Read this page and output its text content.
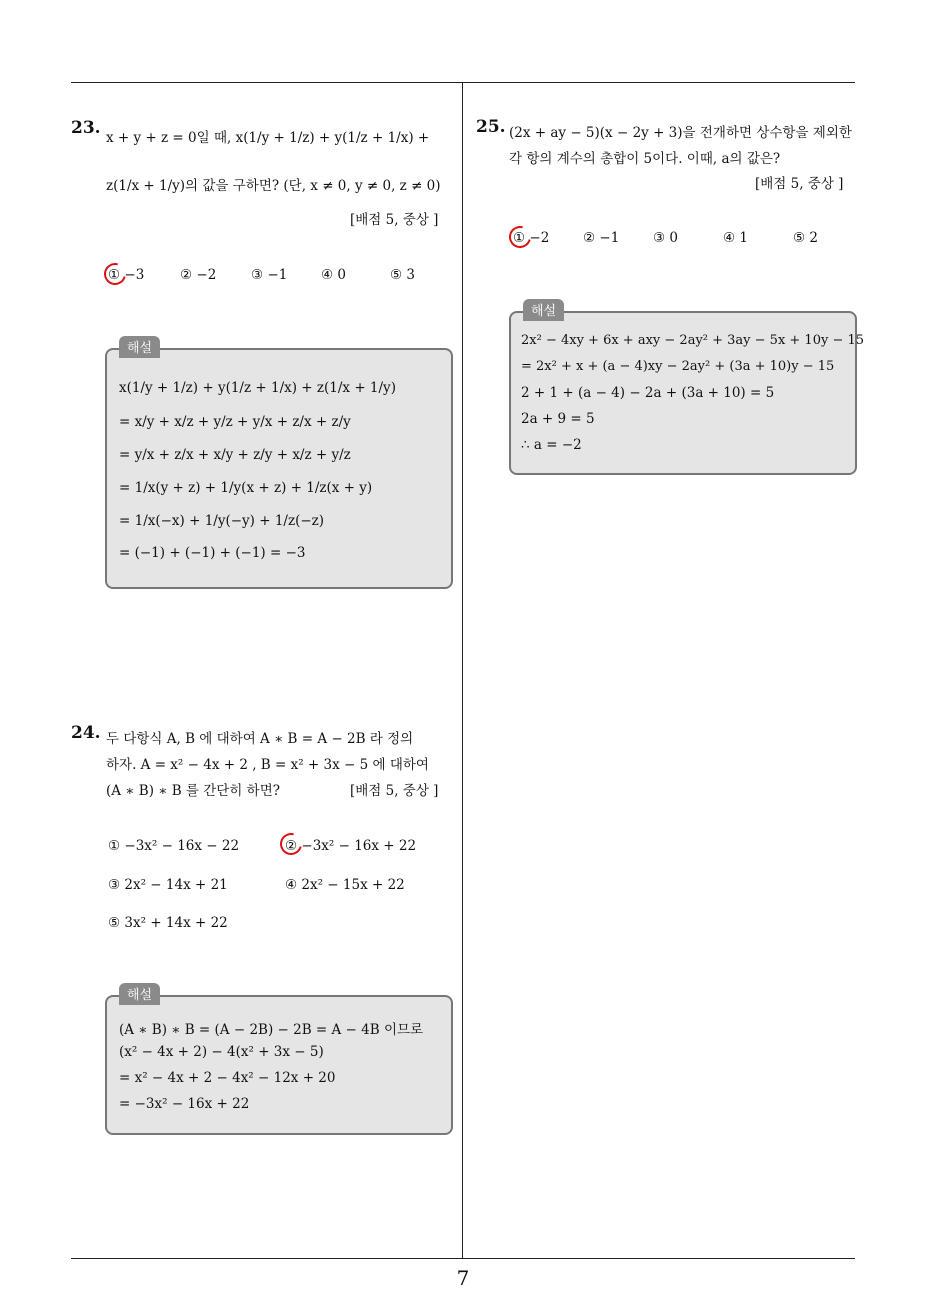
7
23. x + y + z = 0일 때, x(1/y + 1/z) + y(1/z + 1/x) +
z(1/x + 1/y)의 값을 구하면? (단, x ≠ 0, y ≠ 0, z ≠ 0)
[배점 5, 중상 ]
① −3	② −2	③ −1 ④ 0	⑤ 3
해설
x(1/y + 1/z) + y(1/z + 1/x) + z(1/x + 1/y)
= x/y + x/z + y/z + y/x + z/x + z/y
= y/x + z/x + x/y + z/y + x/z + y/z
= 1/x(y + z) + 1/y(x + z) + 1/z(x + y)
= 1/x(−x) + 1/y(−y) + 1/z(−z)
= (−1) + (−1) + (−1) = −3
24. 두 다항식 A, B 에 대하여 A ∗ B = A − 2B 라 정의
하자. A = x² − 4x + 2 , B = x² + 3x − 5 에 대하여
(A ∗ B) ∗ B 를 간단히 하면?	[배점 5, 중상 ]
① −3x² − 16x − 22	② −3x² − 16x + 22
③ 2x² − 14x + 21	④ 2x² − 15x + 22
⑤ 3x² + 14x + 22
해설
(A ∗ B) ∗ B = (A − 2B) − 2B = A − 4B 이므로
(x² − 4x + 2) − 4(x² + 3x − 5)
= x² − 4x + 2 − 4x² − 12x + 20
= −3x² − 16x + 22
25. (2x + ay − 5)(x − 2y + 3)을 전개하면 상수항을 제외한
각 항의 계수의 총합이 5이다. 이때, a의 값은?
[배점 5, 중상 ]
① −2 ② −1 ③ 0	④ 1	⑤ 2
해설
2x² − 4xy + 6x + axy − 2ay² + 3ay − 5x + 10y − 15
= 2x² + x + (a − 4)xy − 2ay² + (3a + 10)y − 15
2 + 1 + (a − 4) − 2a + (3a + 10) = 5
2a + 9 = 5
∴ a = −2
